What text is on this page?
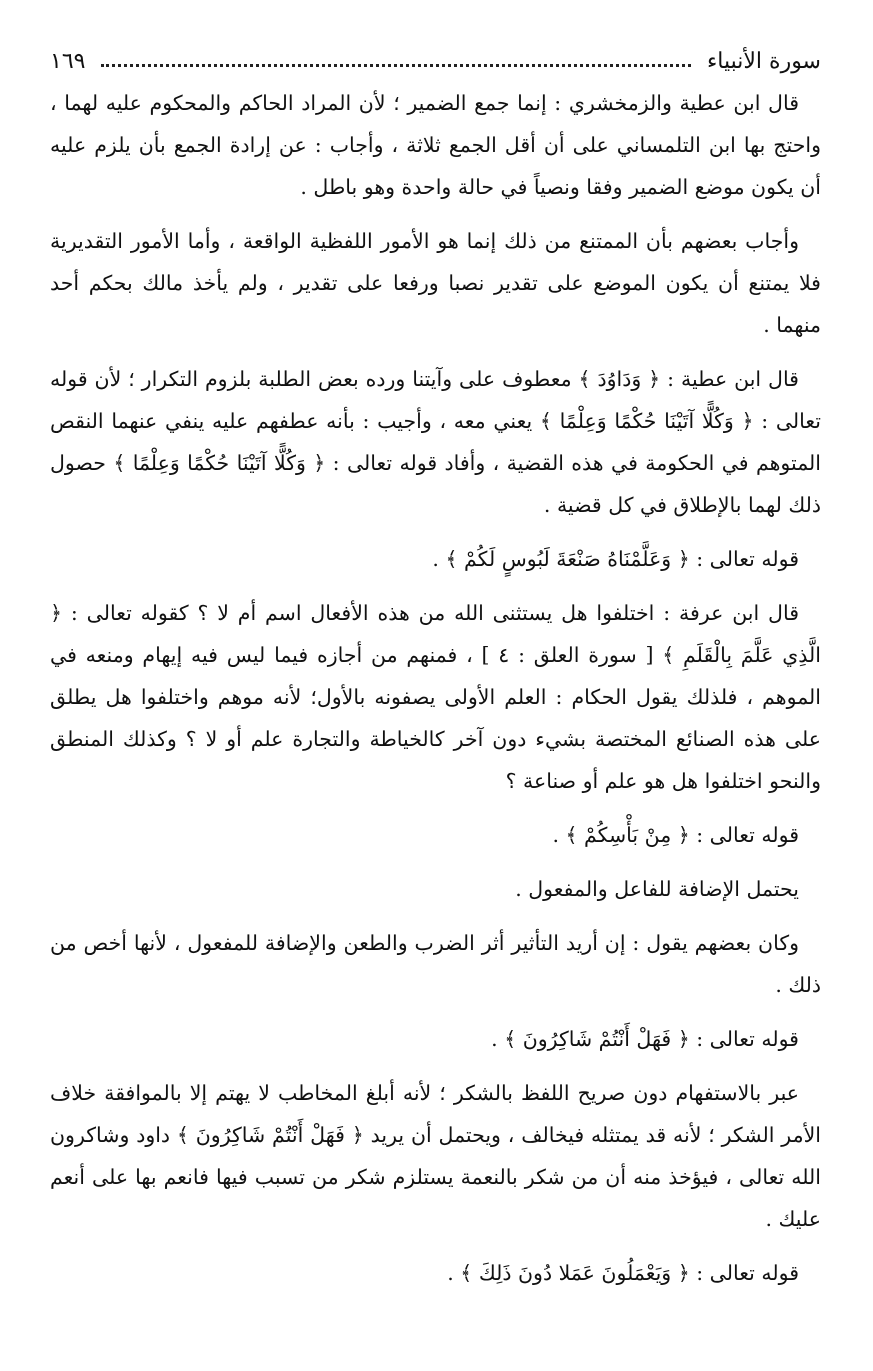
سورة الأنبياء
١٦٩

قال ابن عطية والزمخشري : إنما جمع الضمير ؛ لأن المراد الحاكم والمحكوم عليه لهما ، واحتج بها ابن التلمساني على أن أقل الجمع ثلاثة ، وأجاب : عن إرادة الجمع بأن يلزم عليه أن يكون موضع الضمير وفقا ونصياً في حالة واحدة وهو باطل .

وأجاب بعضهم بأن الممتنع من ذلك إنما هو الأمور اللفظية الواقعة ، وأما الأمور التقديرية فلا يمتنع أن يكون الموضع على تقدير نصبا ورفعا على تقدير ، ولم يأخذ مالك بحكم أحد منهما .

قال ابن عطية : ﴿ وَدَاوُدَ ﴾ معطوف على وآيتنا ورده بعض الطلبة بلزوم التكرار ؛ لأن قوله تعالى : ﴿ وَكُلًّا آتَيْنَا حُكْمًا وَعِلْمًا ﴾ يعني معه ، وأجيب : بأنه عطفهم عليه ينفي عنهما النقص المتوهم في الحكومة في هذه القضية ، وأفاد قوله تعالى : ﴿ وَكُلًّا آتَيْنَا حُكْمًا وَعِلْمًا ﴾ حصول ذلك لهما بالإطلاق في كل قضية .

قوله تعالى : ﴿ وَعَلَّمْنَاهُ صَنْعَةَ لَبُوسٍ لَكُمْ ﴾ .

قال ابن عرفة : اختلفوا هل يستثنى الله من هذه الأفعال اسم أم لا ؟ كقوله تعالى : ﴿ الَّذِي عَلَّمَ بِالْقَلَمِ ﴾ [ سورة العلق : ٤ ] ، فمنهم من أجازه فيما ليس فيه إيهام ومنعه في الموهم ، فلذلك يقول الحكام : العلم الأولى يصفونه بالأول؛ لأنه موهم واختلفوا هل يطلق على هذه الصنائع المختصة بشيء دون آخر كالخياطة والتجارة علم أو لا ؟ وكذلك المنطق والنحو اختلفوا هل هو علم أو صناعة ؟

قوله تعالى : ﴿ مِنْ بَأْسِكُمْ ﴾ .

يحتمل الإضافة للفاعل والمفعول .

وكان بعضهم يقول : إن أريد التأثير أثر الضرب والطعن والإضافة للمفعول ، لأنها أخص من ذلك .

قوله تعالى : ﴿ فَهَلْ أَنْتُمْ شَاكِرُونَ ﴾ .

عبر بالاستفهام دون صريح اللفظ بالشكر ؛ لأنه أبلغ المخاطب لا يهتم إلا بالموافقة خلاف الأمر الشكر ؛ لأنه قد يمتثله فيخالف ، ويحتمل أن يريد ﴿ فَهَلْ أَنْتُمْ شَاكِرُونَ ﴾ داود وشاكرون الله تعالى ، فيؤخذ منه أن من شكر بالنعمة يستلزم شكر من تسبب فيها فانعم بها على أنعم عليك .

قوله تعالى : ﴿ وَيَعْمَلُونَ عَمَلا دُونَ ذَلِكَ ﴾ .
